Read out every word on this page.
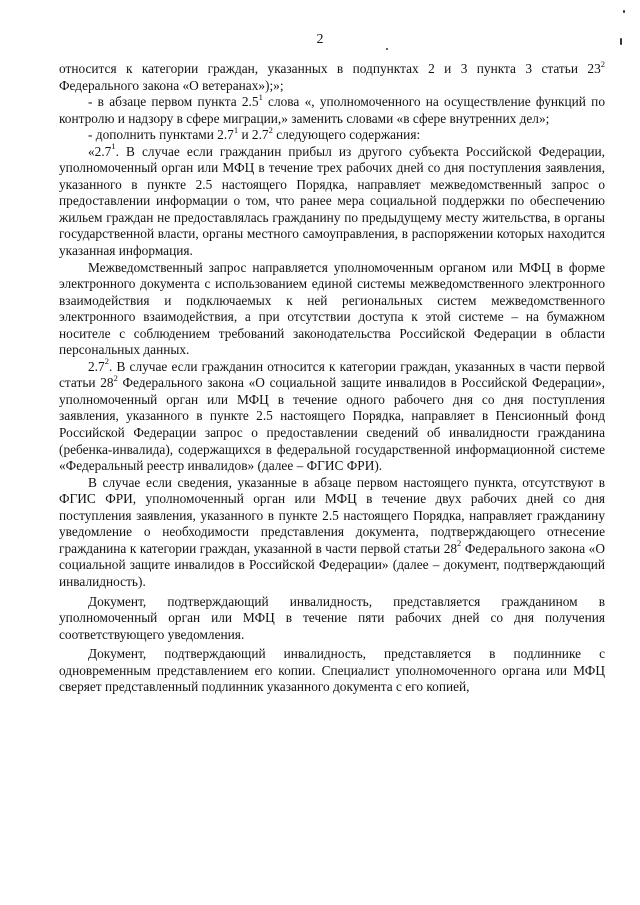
2

относится к категории граждан, указанных в подпунктах 2 и 3 пункта 3 статьи $23^2$ Федерального закона «О ветеранах»);»;

- в абзаце первом пункта $2.5^1$ слова «, уполномоченного на осуществление функций по контролю и надзору в сфере миграции,» заменить словами «в сфере внутренних дел»;

- дополнить пунктами $2.7^1$ и $2.7^2$ следующего содержания:

«$2.7^1$. В случае если гражданин прибыл из другого субъекта Российской Федерации, уполномоченный орган или МФЦ в течение трех рабочих дней со дня поступления заявления, указанного в пункте 2.5 настоящего Порядка, направляет межведомственный запрос о предоставлении информации о том, что ранее мера социальной поддержки по обеспечению жильем граждан не предоставлялась гражданину по предыдущему месту жительства, в органы государственной власти, органы местного самоуправления, в распоряжении которых находится указанная информация.

Межведомственный запрос направляется уполномоченным органом или МФЦ в форме электронного документа с использованием единой системы межведомственного электронного взаимодействия и подключаемых к ней региональных систем межведомственного электронного взаимодействия, а при отсутствии доступа к этой системе – на бумажном носителе с соблюдением требований законодательства Российской Федерации в области персональных данных.

$2.7^2$. В случае если гражданин относится к категории граждан, указанных в части первой статьи $28^2$ Федерального закона «О социальной защите инвалидов в Российской Федерации», уполномоченный орган или МФЦ в течение одного рабочего дня со дня поступления заявления, указанного в пункте 2.5 настоящего Порядка, направляет в Пенсионный фонд Российской Федерации запрос о предоставлении сведений об инвалидности гражданина (ребенка-инвалида), содержащихся в федеральной государственной информационной системе «Федеральный реестр инвалидов» (далее – ФГИС ФРИ).

В случае если сведения, указанные в абзаце первом настоящего пункта, отсутствуют в ФГИС ФРИ, уполномоченный орган или МФЦ в течение двух рабочих дней со дня поступления заявления, указанного в пункте 2.5 настоящего Порядка, направляет гражданину уведомление о необходимости представления документа, подтверждающего отнесение гражданина к категории граждан, указанной в части первой статьи $28^2$ Федерального закона «О социальной защите инвалидов в Российской Федерации» (далее – документ, подтверждающий инвалидность).

Документ, подтверждающий инвалидность, представляется гражданином в уполномоченный орган или МФЦ в течение пяти рабочих дней со дня получения соответствующего уведомления.

Документ, подтверждающий инвалидность, представляется в подлиннике с одновременным представлением его копии. Специалист уполномоченного органа или МФЦ сверяет представленный подлинник указанного документа с его копией,
